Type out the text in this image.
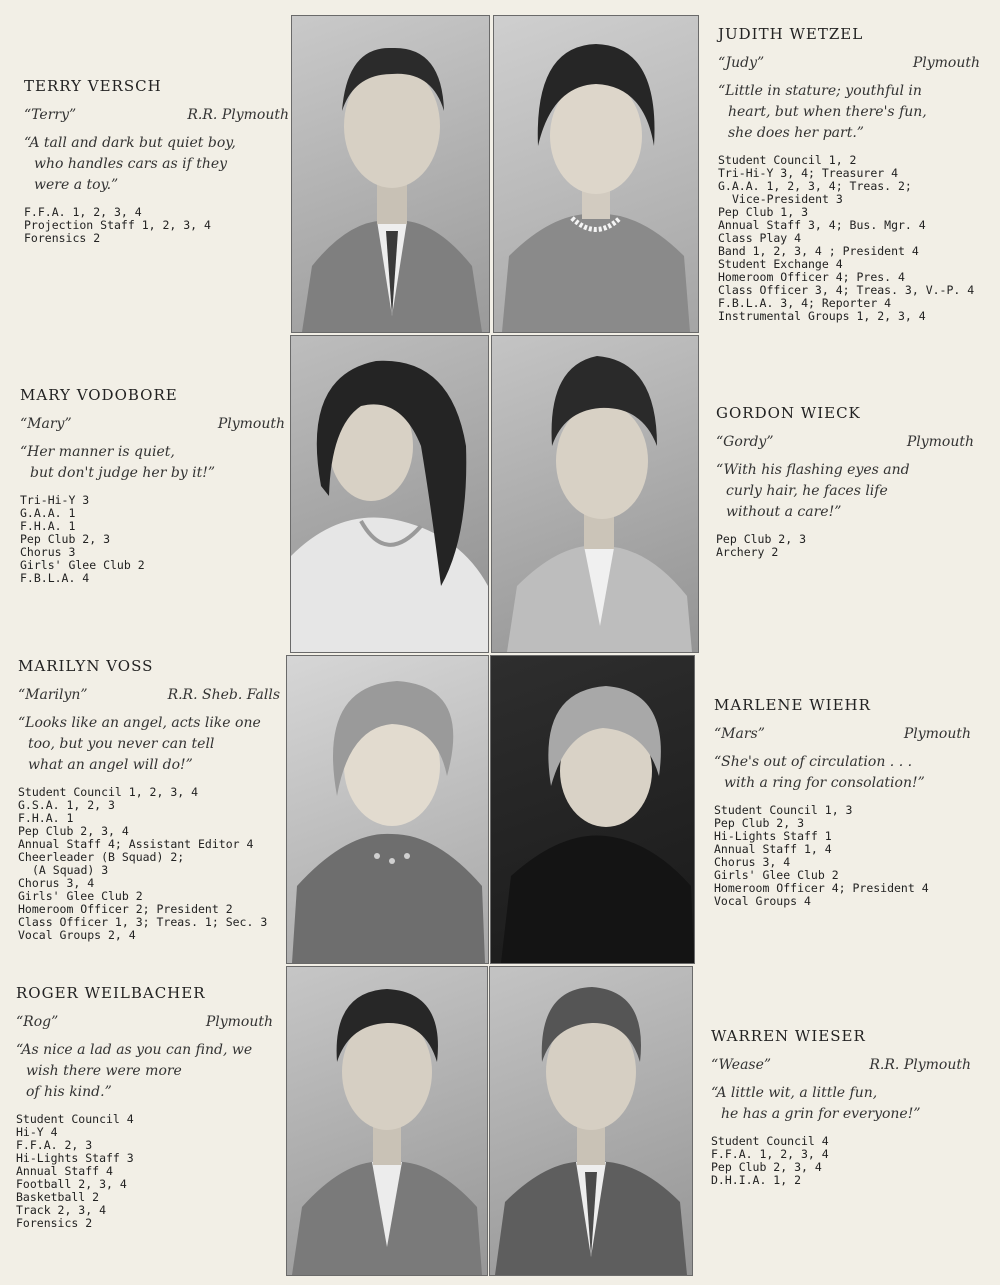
TERRY VERSCH
“Terry”	R.R. Plymouth
“A tall and dark but quiet boy,
who handles cars as if they
were a toy.”
F.F.A. 1, 2, 3, 4
Projection Staff 1, 2, 3, 4
Forensics 2
JUDITH WETZEL
“Judy”	Plymouth
“Little in stature; youthful in
heart, but when there's fun,
she does her part.”
Student Council 1, 2
Tri-Hi-Y 3, 4; Treasurer 4
G.A.A. 1, 2, 3, 4; Treas. 2;
Vice-President 3
Pep Club 1, 3
Annual Staff 3, 4; Bus. Mgr. 4
Class Play 4
Band 1, 2, 3, 4 ; President 4
Student Exchange 4
Homeroom Officer 4; Pres. 4
Class Officer 3, 4; Treas. 3, V.-P. 4
F.B.L.A. 3, 4; Reporter 4
Instrumental Groups 1, 2, 3, 4
MARY VODOBORE
“Mary”	Plymouth
“Her manner is quiet,
but don't judge her by it!”
Tri-Hi-Y 3
G.A.A. 1
F.H.A. 1
Pep Club 2, 3
Chorus 3
Girls' Glee Club 2
F.B.L.A. 4
GORDON WIECK
“Gordy”	Plymouth
“With his flashing eyes and
curly hair, he faces life
without a care!”
Pep Club 2, 3
Archery 2
MARILYN VOSS
“Marilyn”	R.R. Sheb. Falls
“Looks like an angel, acts like one
too, but you never can tell
what an angel will do!”
Student Council 1, 2, 3, 4
G.S.A. 1, 2, 3
F.H.A. 1
Pep Club 2, 3, 4
Annual Staff 4; Assistant Editor 4
Cheerleader (B Squad) 2;
(A Squad) 3
Chorus 3, 4
Girls' Glee Club 2
Homeroom Officer 2; President 2
Class Officer 1, 3; Treas. 1; Sec. 3
Vocal Groups 2, 4
MARLENE WIEHR
“Mars”	Plymouth
“She's out of circulation . . .
with a ring for consolation!”
Student Council 1, 3
Pep Club 2, 3
Hi-Lights Staff 1
Annual Staff 1, 4
Chorus 3, 4
Girls' Glee Club 2
Homeroom Officer 4; President 4
Vocal Groups 4
ROGER WEILBACHER
“Rog”	Plymouth
“As nice a lad as you can find, we
wish there were more
of his kind.”
Student Council 4
Hi-Y 4
F.F.A. 2, 3
Hi-Lights Staff 3
Annual Staff 4
Football 2, 3, 4
Basketball 2
Track 2, 3, 4
Forensics 2
WARREN WIESER
“Wease”	R.R. Plymouth
“A little wit, a little fun,
he has a grin for everyone!”
Student Council 4
F.F.A. 1, 2, 3, 4
Pep Club 2, 3, 4
D.H.I.A. 1, 2
